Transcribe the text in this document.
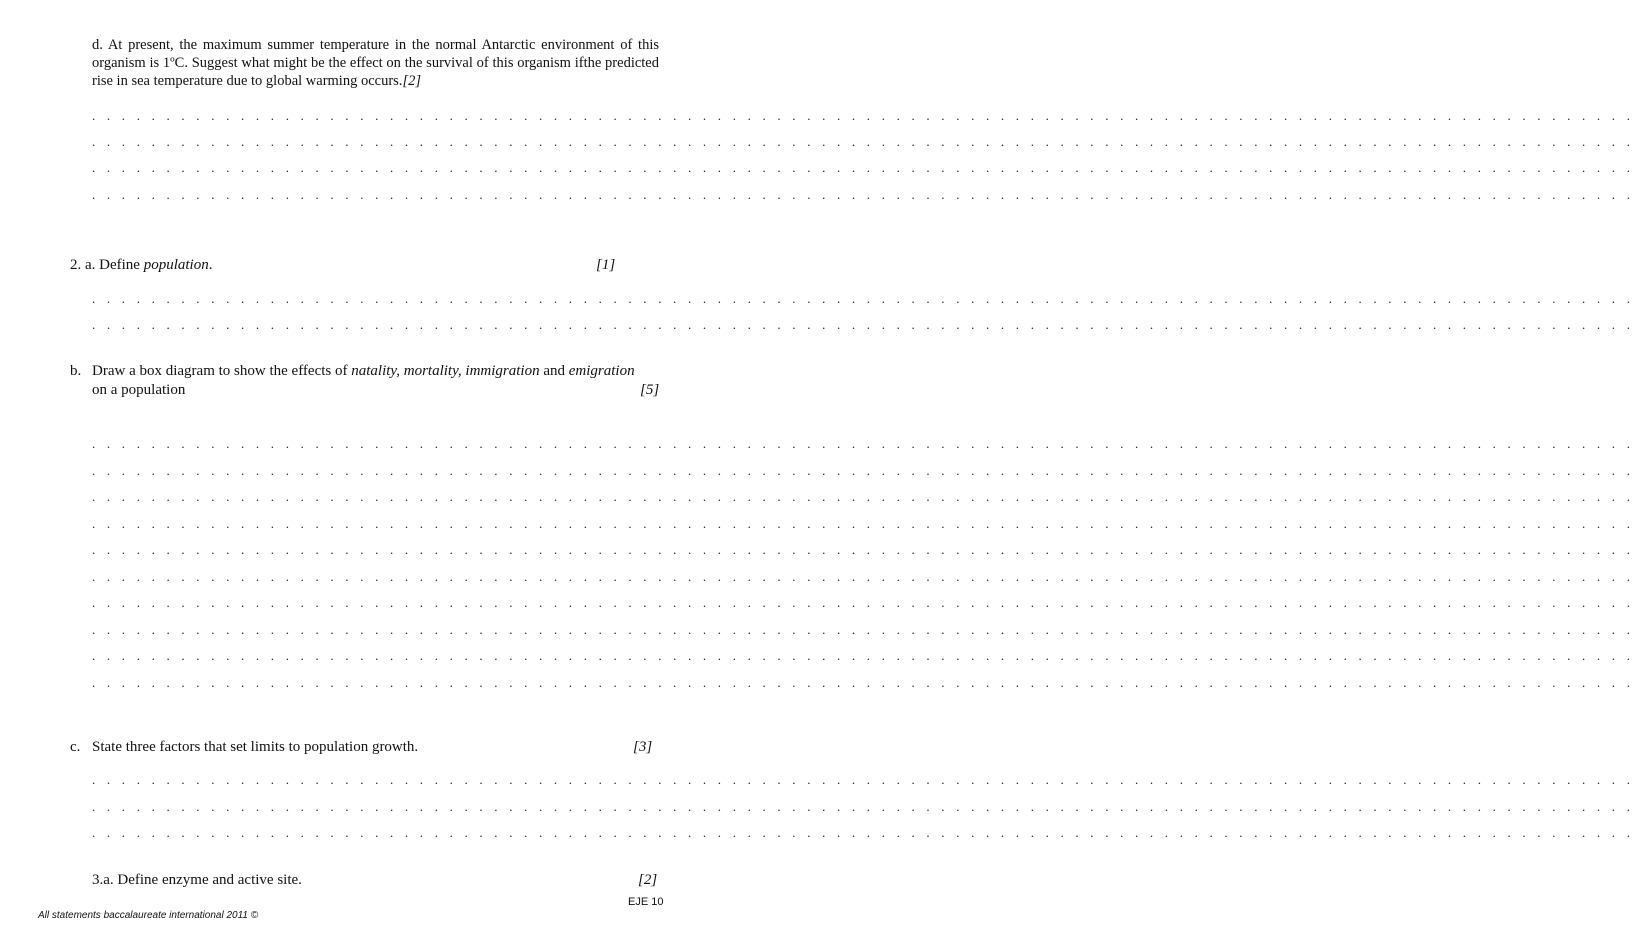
d. At present, the maximum summer temperature in the normal Antarctic environment of this organism is 1ºC. Suggest what might be the effect on the survival of this organism ifthe predicted rise in sea temperature due to global warming occurs.[2]
. . . . . . . . . . . . . . . . . . . . . . . . . . . . . . . . . . . . . . . . . . . . . . . . . . . . . . . . . . . . . . . . . . . . . . . . . . . . . . . . . . . . . . . . . . . . . . . . . . . . . . . .
. . . . . . . . . . . . . . . . . . . . . . . . . . . . . . . . . . . . . . . . . . . . . . . . . . . . . . . . . . . . . . . . . . . . . . . . . . . . . . . . . . . . . . . . . . . . . . . . . . . . . . . .
. . . . . . . . . . . . . . . . . . . . . . . . . . . . . . . . . . . . . . . . . . . . . . . . . . . . . . . . . . . . . . . . . . . . . . . . . . . . . . . . . . . . . . . . . . . . . . . . . . . . . . . .
. . . . . . . . . . . . . . . . . . . . . . . . . . . . . . . . . . . . . . . . . . . . . . . . . . . . . . . . . . . . . . . . . . . . . . . . . . . . . . . . . . . . . . . . . . . . . . . . . . . . . . . .
2. a. Define population.	[1]
. . . . . . . . . . . . . . . . . . . . . . . . . . . . . . . . . . . . . . . . . . . . . . . . . . . . . . . . . . . . . . . . . . . . . . . . . . . . . . . . . . . . . . . . . . . . . . . . . . . . . . . .
. . . . . . . . . . . . . . . . . . . . . . . . . . . . . . . . . . . . . . . . . . . . . . . . . . . . . . . . . . . . . . . . . . . . . . . . . . . . . . . . . . . . . . . . . . . . . . . . . . . . . . . .
b. Draw a box diagram to show the effects of natality, mortality, immigration and emigration
on a population	[5]
. . . . . . . . . . . . . . . . . . . . . . . . . . . . . . . . . . . . . . . . . . . . . . . . . . . . . . . . . . . . . . . . . . . . . . . . . . . . . . . . . . . . . . . . . . . . . . . . . . . . . . . .
. . . . . . . . . . . . . . . . . . . . . . . . . . . . . . . . . . . . . . . . . . . . . . . . . . . . . . . . . . . . . . . . . . . . . . . . . . . . . . . . . . . . . . . . . . . . . . . . . . . . . . . .
. . . . . . . . . . . . . . . . . . . . . . . . . . . . . . . . . . . . . . . . . . . . . . . . . . . . . . . . . . . . . . . . . . . . . . . . . . . . . . . . . . . . . . . . . . . . . . . . . . . . . . . .
. . . . . . . . . . . . . . . . . . . . . . . . . . . . . . . . . . . . . . . . . . . . . . . . . . . . . . . . . . . . . . . . . . . . . . . . . . . . . . . . . . . . . . . . . . . . . . . . . . . . . . . .
. . . . . . . . . . . . . . . . . . . . . . . . . . . . . . . . . . . . . . . . . . . . . . . . . . . . . . . . . . . . . . . . . . . . . . . . . . . . . . . . . . . . . . . . . . . . . . . . . . . . . . . .
. . . . . . . . . . . . . . . . . . . . . . . . . . . . . . . . . . . . . . . . . . . . . . . . . . . . . . . . . . . . . . . . . . . . . . . . . . . . . . . . . . . . . . . . . . . . . . . . . . . . . . . .
. . . . . . . . . . . . . . . . . . . . . . . . . . . . . . . . . . . . . . . . . . . . . . . . . . . . . . . . . . . . . . . . . . . . . . . . . . . . . . . . . . . . . . . . . . . . . . . . . . . . . . . .
. . . . . . . . . . . . . . . . . . . . . . . . . . . . . . . . . . . . . . . . . . . . . . . . . . . . . . . . . . . . . . . . . . . . . . . . . . . . . . . . . . . . . . . . . . . . . . . . . . . . . . . .
. . . . . . . . . . . . . . . . . . . . . . . . . . . . . . . . . . . . . . . . . . . . . . . . . . . . . . . . . . . . . . . . . . . . . . . . . . . . . . . . . . . . . . . . . . . . . . . . . . . . . . . .
. . . . . . . . . . . . . . . . . . . . . . . . . . . . . . . . . . . . . . . . . . . . . . . . . . . . . . . . . . . . . . . . . . . . . . . . . . . . . . . . . . . . . . . . . . . . . . . . . . . . . . . .
c. State three factors that set limits to population growth.	[3]
. . . . . . . . . . . . . . . . . . . . . . . . . . . . . . . . . . . . . . . . . . . . . . . . . . . . . . . . . . . . . . . . . . . . . . . . . . . . . . . . . . . . . . . . . . . . . . . . . . . . . . . .
. . . . . . . . . . . . . . . . . . . . . . . . . . . . . . . . . . . . . . . . . . . . . . . . . . . . . . . . . . . . . . . . . . . . . . . . . . . . . . . . . . . . . . . . . . . . . . . . . . . . . . . .
. . . . . . . . . . . . . . . . . . . . . . . . . . . . . . . . . . . . . . . . . . . . . . . . . . . . . . . . . . . . . . . . . . . . . . . . . . . . . . . . . . . . . . . . . . . . . . . . . . . . . . . .
3.a. Define enzyme and active site.	[2]
EJE 10
All statements baccalaureate international 2011 ©
